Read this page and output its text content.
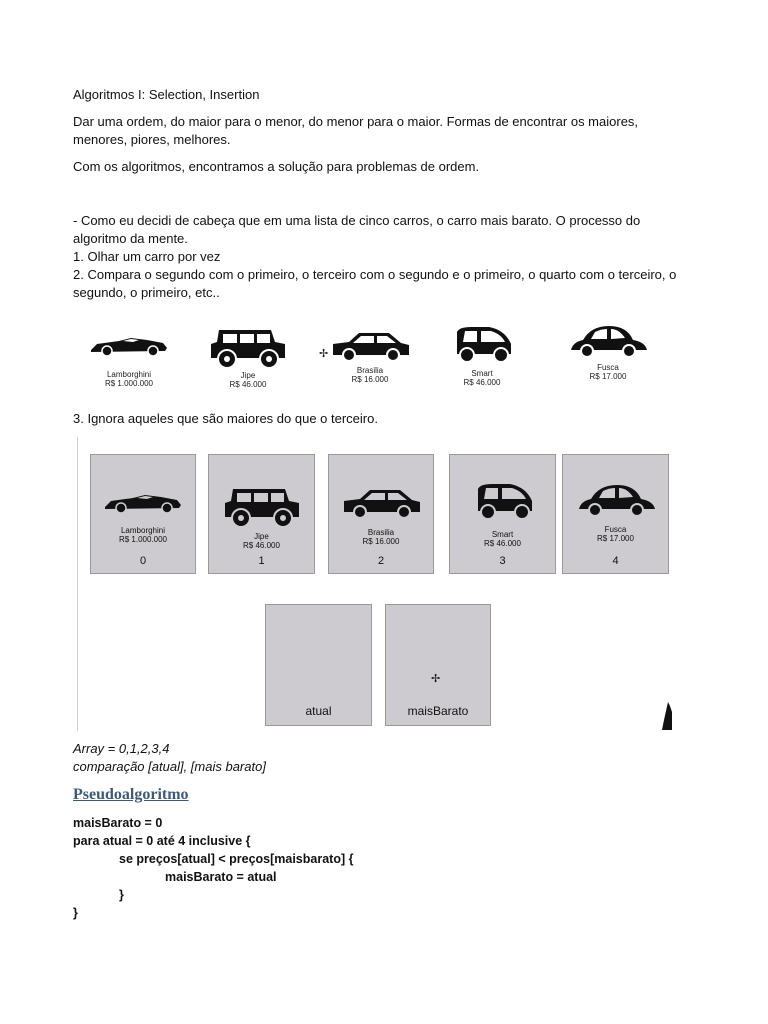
Algoritmos I: Selection, Insertion
Dar uma ordem, do maior para o menor, do menor para o maior. Formas de encontrar os maiores, menores, piores, melhores.
Com os algoritmos, encontramos a solução para problemas de ordem.
- Como eu decidi de cabeça que em uma lista de cinco carros, o carro mais barato. O processo do algoritmo da mente.
1. Olhar um carro por vez
2. Compara o segundo com o primeiro, o terceiro com o segundo e o primeiro, o quarto com o terceiro, o segundo, o primeiro, etc..
Lamborghini
R$ 1.000.000
Jipe
R$ 46.000
Brasilia
R$ 16.000
✢
Smart
R$ 46.000
Fusca
R$ 17.000
3. Ignora aqueles que são maiores do que o terceiro.
Lamborghini
R$ 1.000.000
0
Jipe
R$ 46.000
1
Brasilia
R$ 16.000
2
Smart
R$ 46.000
3
Fusca
R$ 17.000
4
atual
✢
maisBarato
Array = 0,1,2,3,4
comparação [atual], [mais barato]
Pseudoalgoritmo
maisBarato = 0
para atual = 0 até 4 inclusive {
se preços[atual] < preços[maisbarato] {
maisBarato = atual
}
}
